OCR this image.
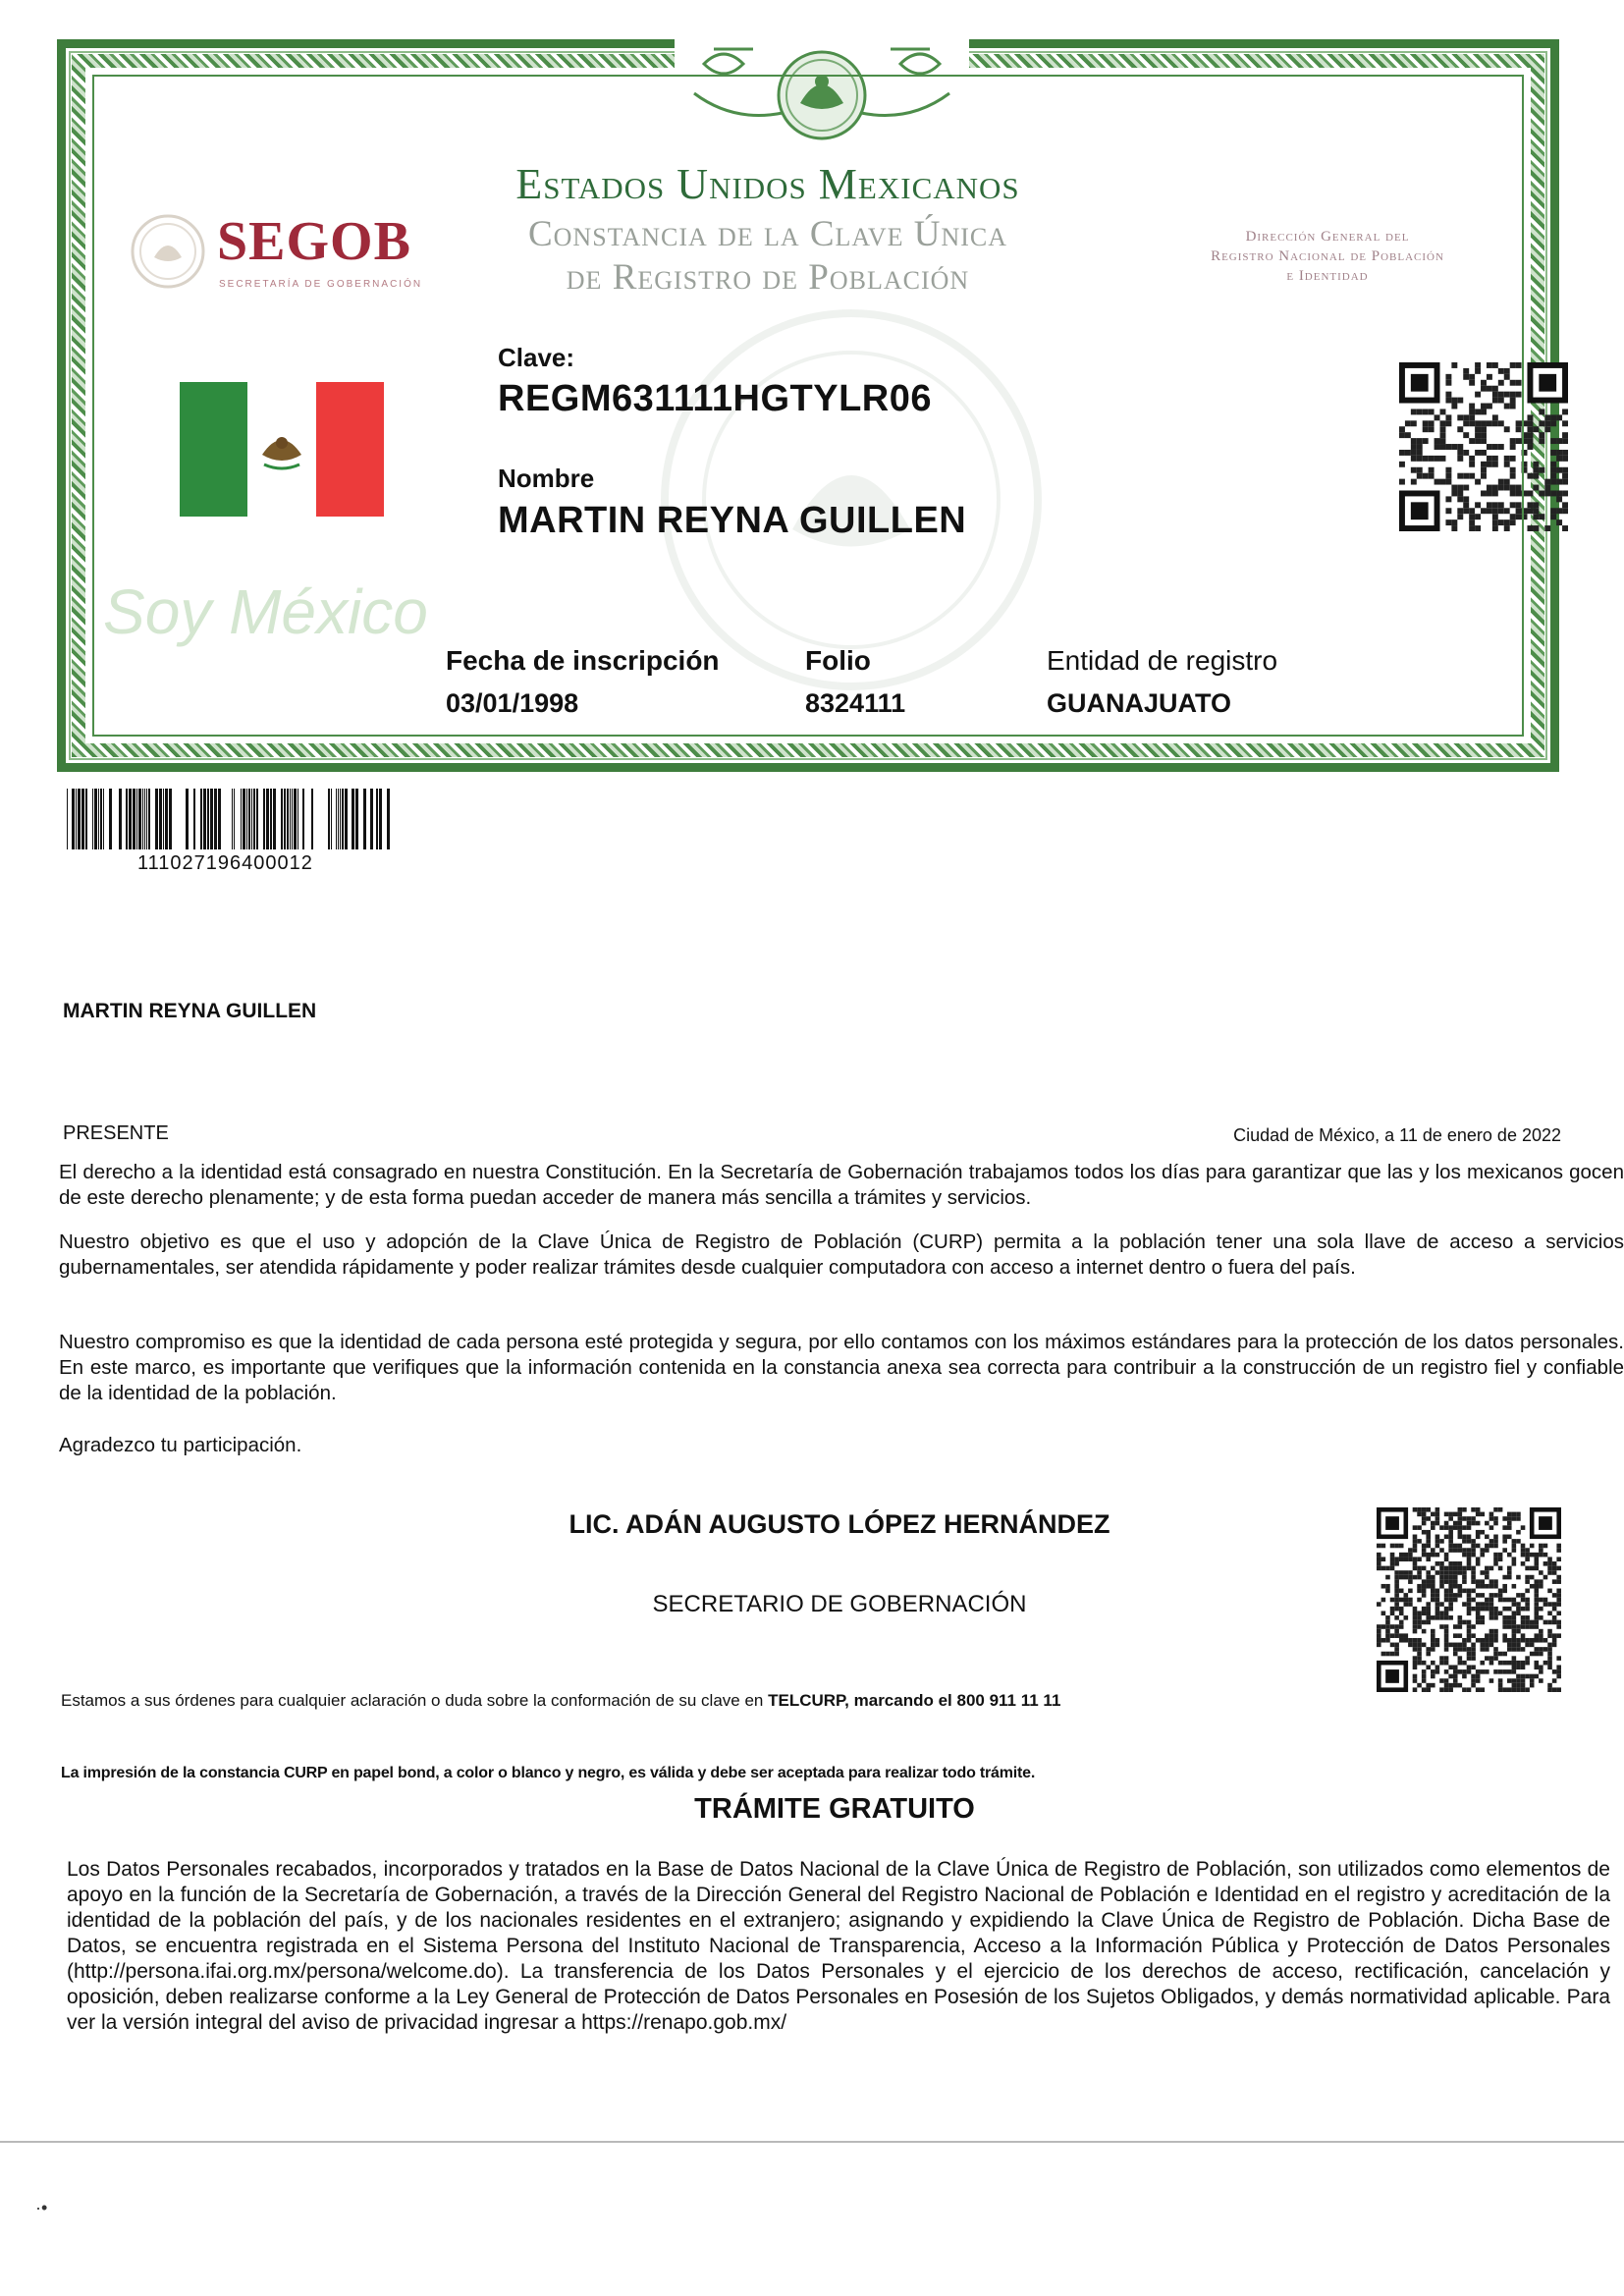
SEGOB
SECRETARÍA DE GOBERNACIÓN
Estados Unidos Mexicanos
Constancia de la Clave Única
de Registro de Población
Dirección General del
Registro Nacional de Población
e Identidad
Soy México
Clave:
REGM631111HGTYLR06
Nombre
MARTIN REYNA GUILLEN
Fecha de inscripción
03/01/1998
Folio
8324111
Entidad de registro
GUANAJUATO
111027196400012
MARTIN REYNA GUILLEN
PRESENTE	Ciudad de México, a 11 de enero de 2022
El derecho a la identidad está consagrado en nuestra Constitución. En la Secretaría de Gobernación trabajamos todos los días para garantizar que las y los mexicanos gocen de este derecho plenamente; y de esta forma puedan acceder de manera más sencilla a trámites y servicios.
Nuestro objetivo es que el uso y adopción de la Clave Única de Registro de Población (CURP) permita a la población tener una sola llave de acceso a servicios gubernamentales, ser atendida rápidamente y poder realizar trámites desde cualquier computadora con acceso a internet dentro o fuera del país.
Nuestro compromiso es que la identidad de cada persona esté protegida y segura, por ello contamos con los máximos estándares para la protección de los datos personales. En este marco, es importante que verifiques que la información contenida en la constancia anexa sea correcta para contribuir a la construcción de un registro fiel y confiable de la identidad de la población.
Agradezco tu participación.
LIC. ADÁN AUGUSTO LÓPEZ HERNÁNDEZ
SECRETARIO DE GOBERNACIÓN
Estamos a sus órdenes para cualquier aclaración o duda sobre la conformación de su clave en TELCURP, marcando el 800 911 11 11
La impresión de la constancia CURP en papel bond, a color o blanco y negro, es válida y debe ser aceptada para realizar todo trámite.
TRÁMITE GRATUITO
Los Datos Personales recabados, incorporados y tratados en la Base de Datos Nacional de la Clave Única de Registro de Población, son utilizados como elementos de apoyo en la función de la Secretaría de Gobernación, a través de la Dirección General del Registro Nacional de Población e Identidad en el registro y acreditación de la identidad de la población del país, y de los nacionales residentes en el extranjero; asignando y expidiendo la Clave Única de Registro de Población. Dicha Base de Datos, se encuentra registrada en el Sistema Persona del Instituto Nacional de Transparencia, Acceso a la Información Pública y Protección de Datos Personales (http://persona.ifai.org.mx/persona/welcome.do). La transferencia de los Datos Personales y el ejercicio de los derechos de acceso, rectificación, cancelación y oposición, deben realizarse conforme a la Ley General de Protección de Datos Personales en Posesión de los Sujetos Obligados, y demás normatividad aplicable. Para ver la versión integral del aviso de privacidad ingresar a https://renapo.gob.mx/
·•
